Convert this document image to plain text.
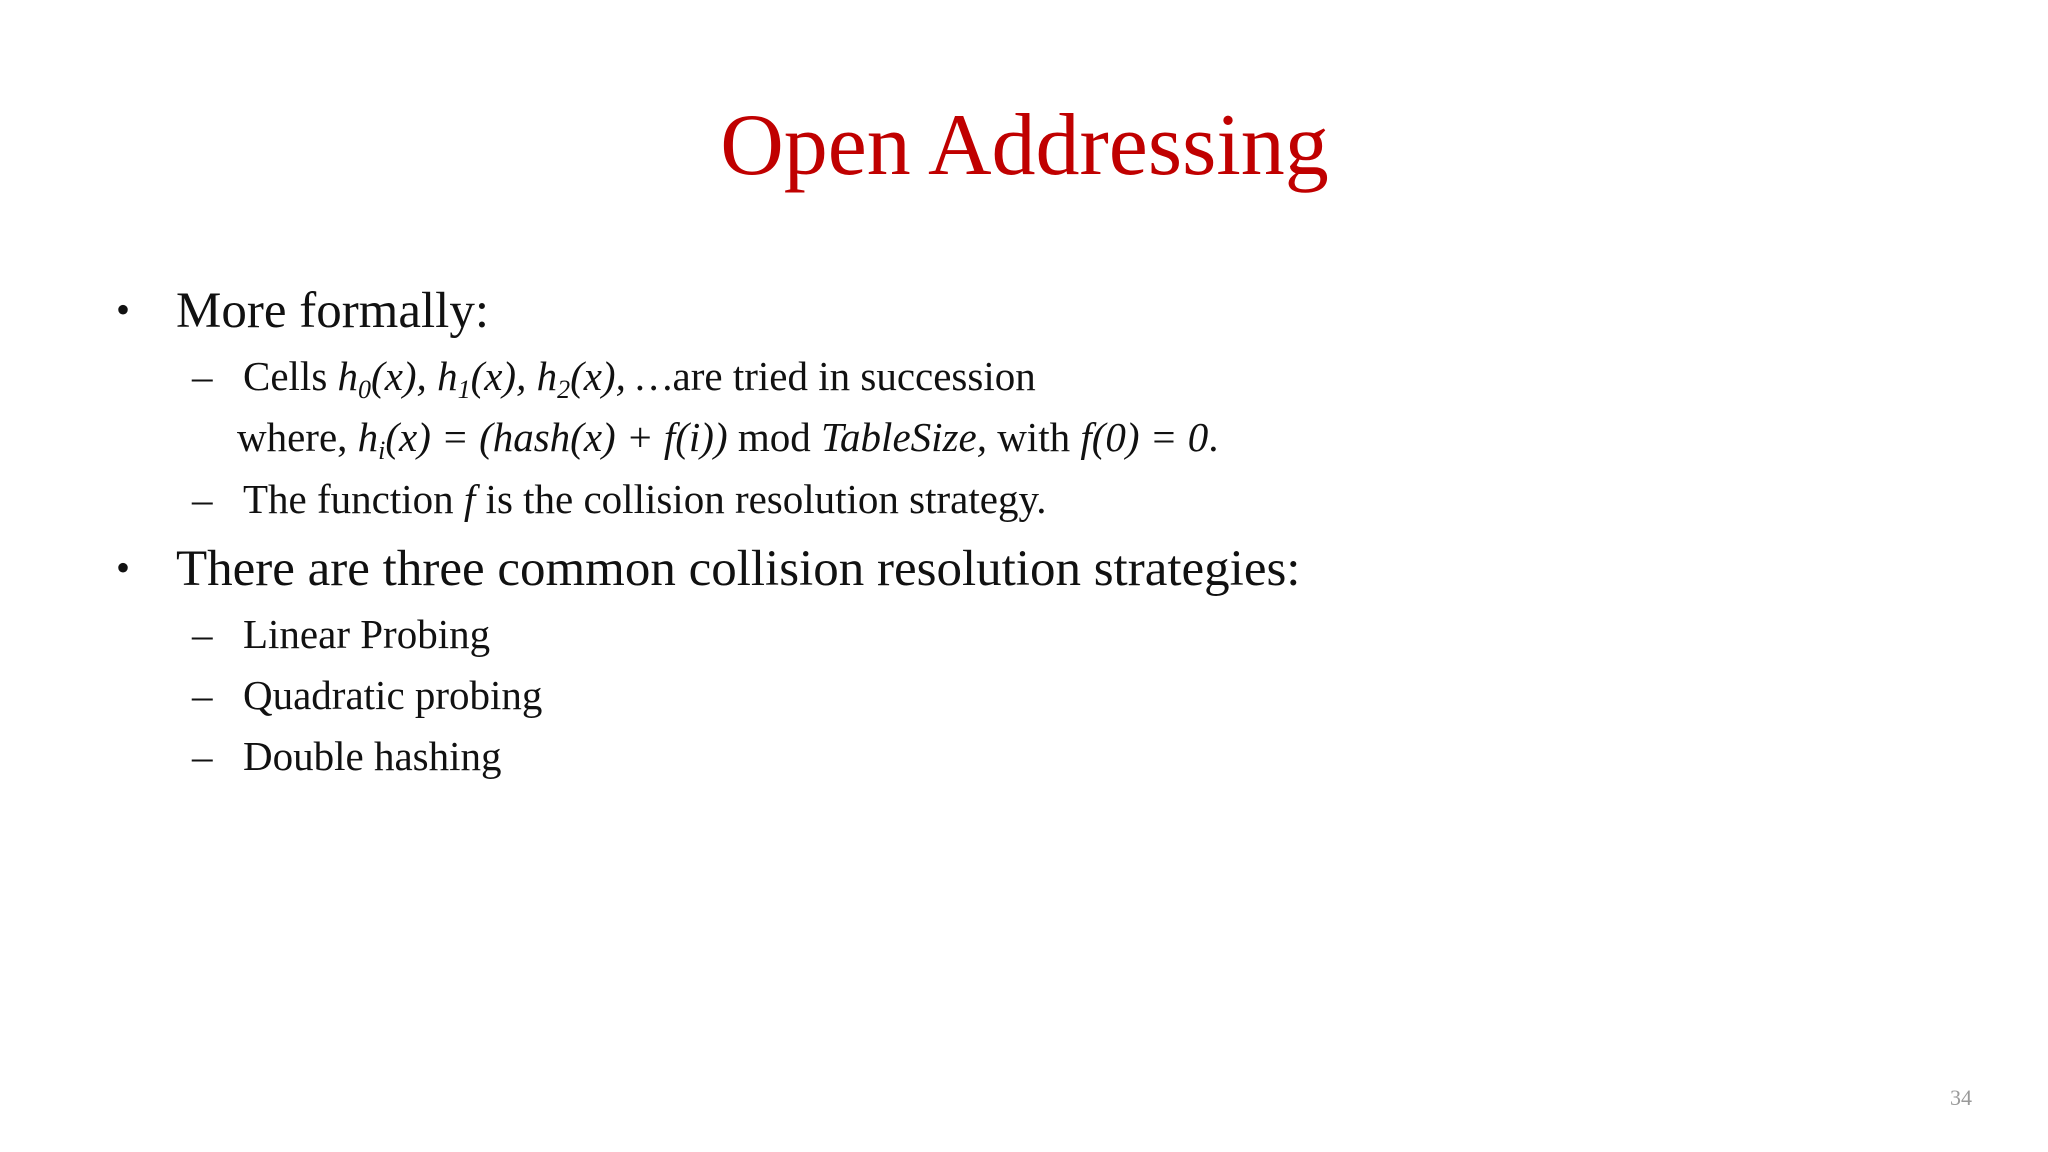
Open Addressing
• More formally:
– Cells $h_0(x)$, $h_1(x)$, $h_2(x)$, …are tried in succession
where, $h_i(x)$ = (hash(x) + f(i)) mod TableSize, with f(0) = 0.
– The function f is the collision resolution strategy.
• There are three common collision resolution strategies:
– Linear Probing
– Quadratic probing
– Double hashing
34
